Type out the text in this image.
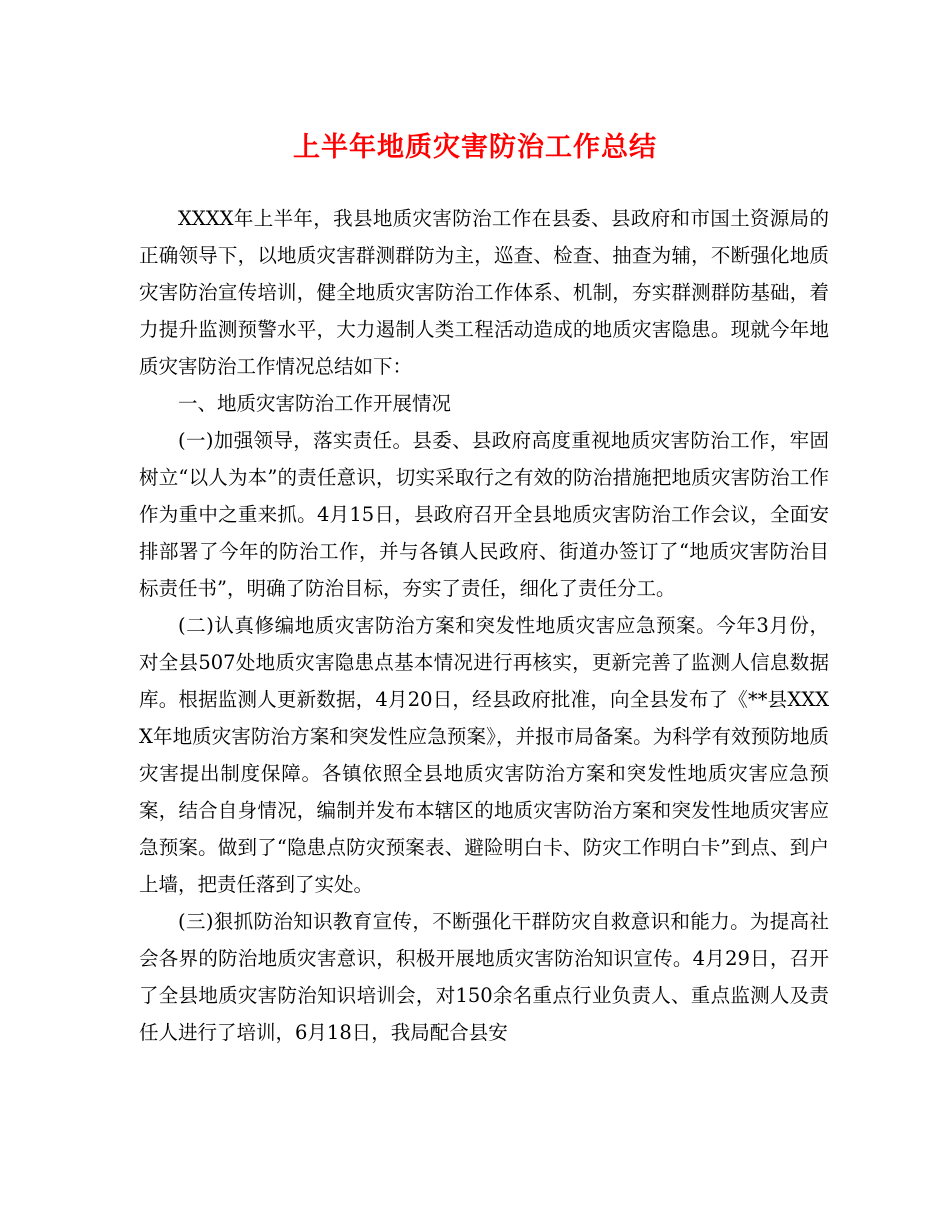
上半年地质灾害防治工作总结

XXXX年上半年，我县地质灾害防治工作在县委、县政府和市国土资源局的正确领导下，以地质灾害群测群防为主，巡查、检查、抽查为辅，不断强化地质灾害防治宣传培训，健全地质灾害防治工作体系、机制，夯实群测群防基础，着力提升监测预警水平，大力遏制人类工程活动造成的地质灾害隐患。现就今年地质灾害防治工作情况总结如下：

一、地质灾害防治工作开展情况

(一)加强领导，落实责任。县委、县政府高度重视地质灾害防治工作，牢固树立“以人为本”的责任意识，切实采取行之有效的防治措施把地质灾害防治工作作为重中之重来抓。4月15日，县政府召开全县地质灾害防治工作会议，全面安排部署了今年的防治工作，并与各镇人民政府、街道办签订了“地质灾害防治目标责任书”，明确了防治目标，夯实了责任，细化了责任分工。

(二)认真修编地质灾害防治方案和突发性地质灾害应急预案。今年3月份，对全县507处地质灾害隐患点基本情况进行再核实，更新完善了监测人信息数据库。根据监测人更新数据，4月20日，经县政府批准，向全县发布了《**县XXXX年地质灾害防治方案和突发性应急预案》，并报市局备案。为科学有效预防地质灾害提出制度保障。各镇依照全县地质灾害防治方案和突发性地质灾害应急预案，结合自身情况，编制并发布本辖区的地质灾害防治方案和突发性地质灾害应急预案。做到了“隐患点防灾预案表、避险明白卡、防灾工作明白卡”到点、到户上墙，把责任落到了实处。

(三)狠抓防治知识教育宣传，不断强化干群防灾自救意识和能力。为提高社会各界的防治地质灾害意识，积极开展地质灾害防治知识宣传。4月29日，召开了全县地质灾害防治知识培训会，对150余名重点行业负责人、重点监测人及责任人进行了培训，6月18日，我局配合县安
